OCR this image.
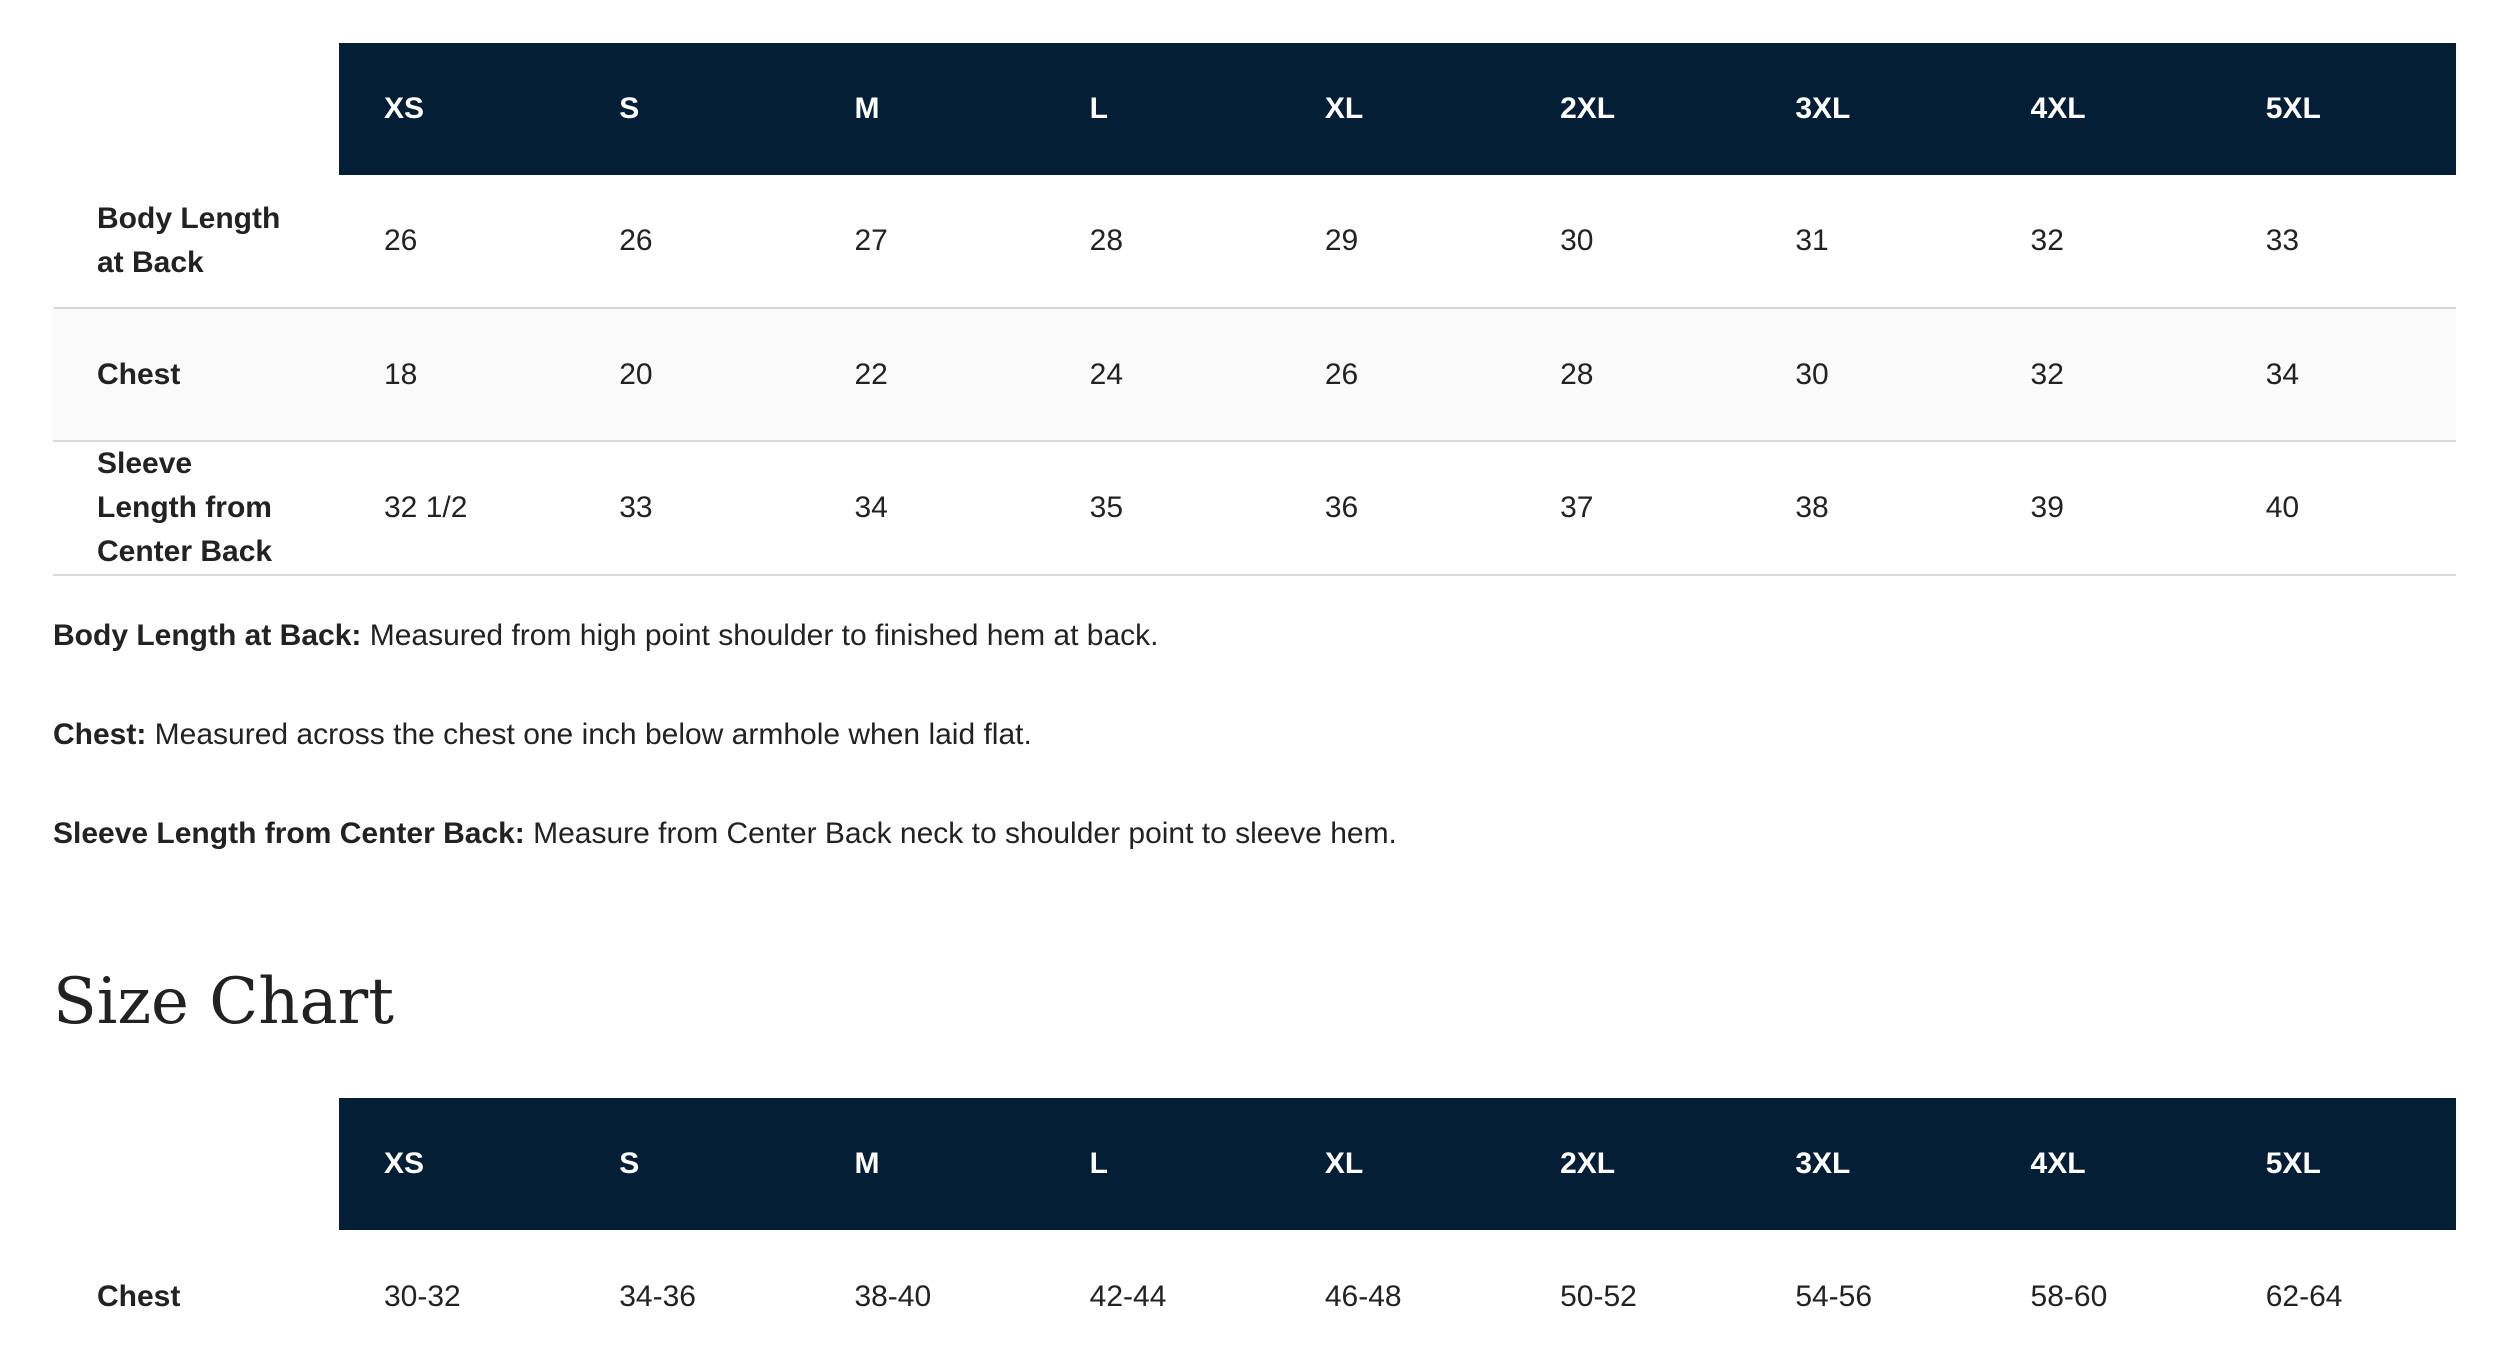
	XS	S	M	L	XL	2XL	3XL	4XL	5XL
Body Length
at Back	26	26	27	28	29	30	31	32	33
Chest	18	20	22	24	26	28	30	32	34
Sleeve
Length from
Center Back	32 1/2	33	34	35	36	37	38	39	40

Body Length at Back: Measured from high point shoulder to finished hem at back.

Chest: Measured across the chest one inch below armhole when laid flat.

Sleeve Length from Center Back: Measure from Center Back neck to shoulder point to sleeve hem.

Size Chart
	XS	S	M	L	XL	2XL	3XL	4XL	5XL
Chest	30-32	34-36	38-40	42-44	46-48	50-52	54-56	58-60	62-64
